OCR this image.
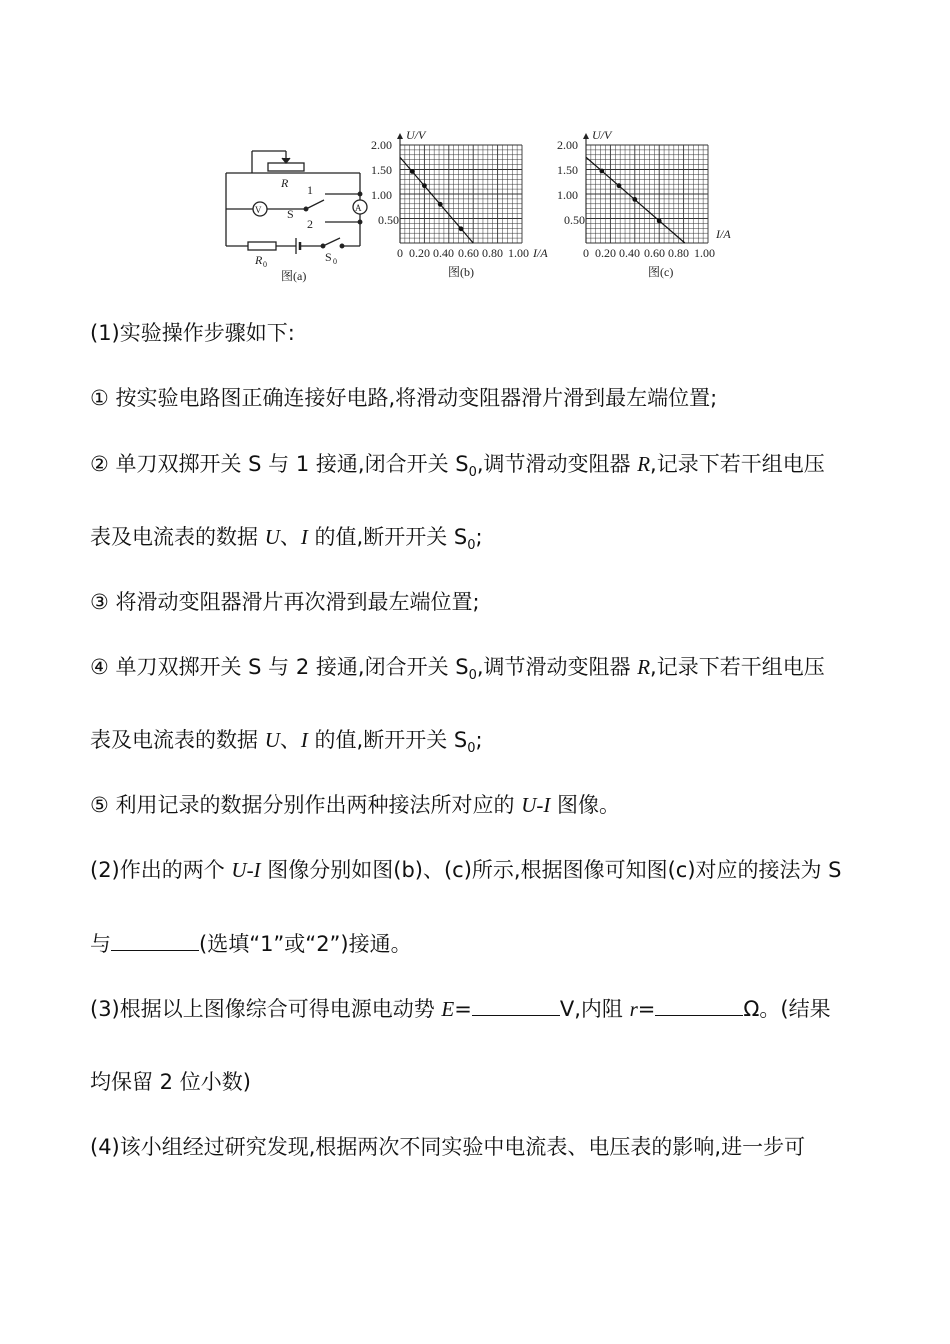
V	A
R 1
S
2
R 0
S 0
图(a)
U/V
I/A
2.00
1.50
1.00
0.50
0 0.20 0.40 0.60 0.80 1.00
图(b)
U/V
I/A
2.00
1.50
1.00
0.50
0 0.20 0.40 0.60 0.80 1.00
图(c)
(1)实验操作步骤如下:
① 按实验电路图正确连接好电路,将滑动变阻器滑片滑到最左端位置;
② 单刀双掷开关 S 与 1 接通,闭合开关 $S_0$,调节滑动变阻器 R,记录下若干组电压
表及电流表的数据 U、I 的值,断开开关 $S_0$;
③ 将滑动变阻器滑片再次滑到最左端位置;
④ 单刀双掷开关 S 与 2 接通,闭合开关 $S_0$,调节滑动变阻器 R,记录下若干组电压
表及电流表的数据 U、I 的值,断开开关 $S_0$;
⑤ 利用记录的数据分别作出两种接法所对应的 U-I 图像。
(2)作出的两个 U-I 图像分别如图(b)、(c)所示,根据图像可知图(c)对应的接法为 S
与	(选填“1”或“2”)接通。
(3)根据以上图像综合可得电源电动势 E=	V,内阻 r=	Ω。(结果
均保留 2 位小数)
(4)该小组经过研究发现,根据两次不同实验中电流表、电压表的影响,进一步可
